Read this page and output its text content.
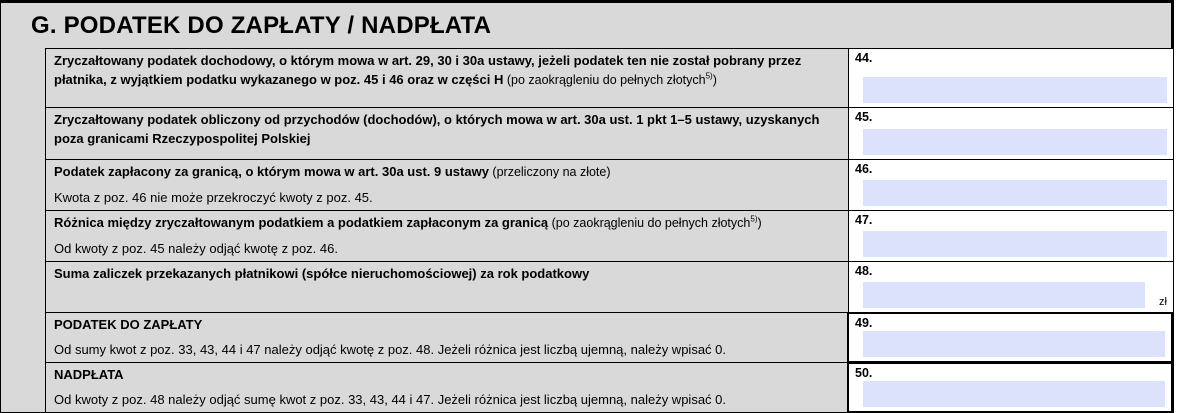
G. PODATEK DO ZAPŁATY / NADPŁATA
Zryczałtowany podatek dochodowy, o którym mowa w art. 29, 30 i 30a ustawy, jeżeli podatek ten nie został pobrany przez płatnika, z wyjątkiem podatku wykazanego w poz. 45 i 46 oraz w części H (po zaokrągleniu do pełnych złotych$^{5)}$)
44.
Zryczałtowany podatek obliczony od przychodów (dochodów), o których mowa w art. 30a ust. 1 pkt 1–5 ustawy, uzyskanych poza granicami Rzeczypospolitej Polskiej
45.
Podatek zapłacony za granicą, o którym mowa w art. 30a ust. 9 ustawy (przeliczony na złote)
Kwota z poz. 46 nie może przekroczyć kwoty z poz. 45.
46.
Różnica między zryczałtowanym podatkiem a podatkiem zapłaconym za granicą (po zaokrągleniu do pełnych złotych$^{5)}$)
Od kwoty z poz. 45 należy odjąć kwotę z poz. 46.
47.
Suma zaliczek przekazanych płatnikowi (spółce nieruchomościowej) za rok podatkowy	48.
zł
PODATEK DO ZAPŁATY
Od sumy kwot z poz. 33, 43, 44 i 47 należy odjąć kwotę z poz. 48. Jeżeli różnica jest liczbą ujemną, należy wpisać 0.
49.
NADPŁATA
Od kwoty z poz. 48 należy odjąć sumę kwot z poz. 33, 43, 44 i 47. Jeżeli różnica jest liczbą ujemną, należy wpisać 0.
50.
